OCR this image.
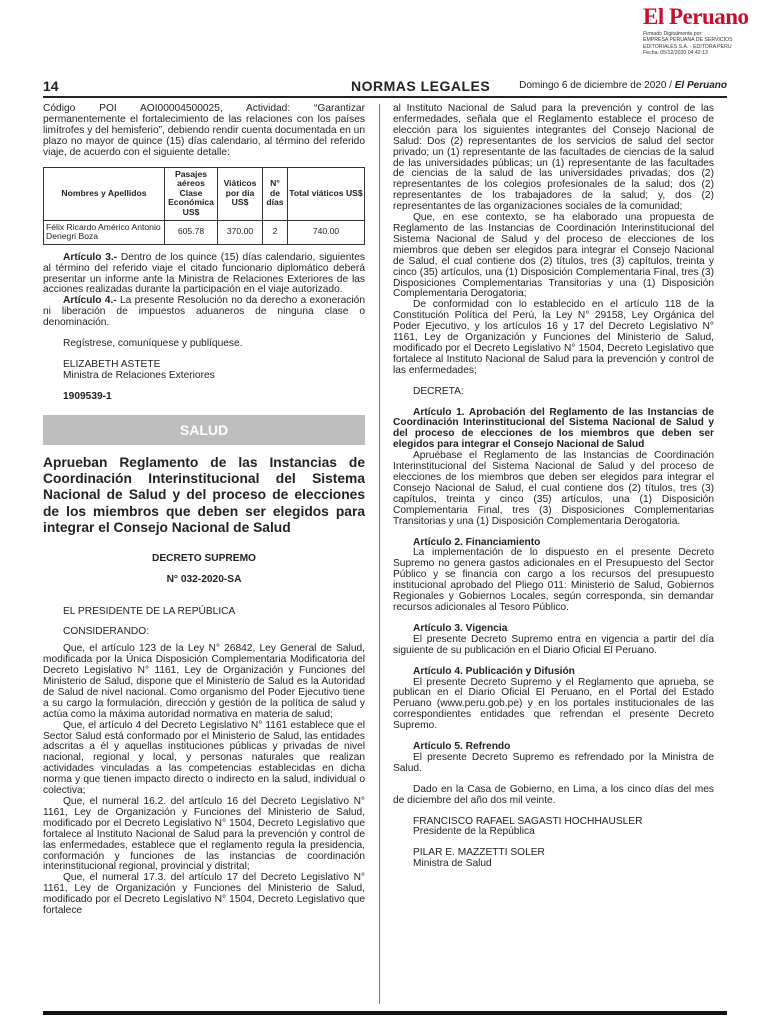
El Peruano
Firmado Digitalmente por:
EMPRESA PERUANA DE SERVICIOS
EDITORIALES S.A. - EDITORA PERU
Fecha: 05/12/2020 04:42:13
14	NORMAS LEGALES	Domingo 6 de diciembre de 2020 / El Peruano

Código POI AOI00004500025, Actividad: “Garantizar permanentemente el fortalecimiento de las relaciones con los países limítrofes y del hemisferio”, debiendo rendir cuenta documentada en un plazo no mayor de quince (15) días calendario, al término del referido viaje, de acuerdo con el siguiente detalle:

Nombres y Apellidos	Pasajes aéreos Clase Económica US$	Viáticos por día US$	N° de días	Total viáticos US$
Félix Ricardo Américo Antonio Denegri Boza	605.78	370.00	2	740.00

Artículo 3.- Dentro de los quince (15) días calendario, siguientes al término del referido viaje el citado funcionario diplomático deberá presentar un informe ante la Ministra de Relaciones Exteriores de las acciones realizadas durante la participación en el viaje autorizado.

Artículo 4.- La presente Resolución no da derecho a exoneración ni liberación de impuestos aduaneros de ninguna clase o denominación.

Regístrese, comuníquese y publíquese.

ELIZABETH ASTETE

Ministra de Relaciones Exteriores

1909539-1

SALUD

Aprueban Reglamento de las Instancias de Coordinación Interinstitucional del Sistema Nacional de Salud y del proceso de elecciones de los miembros que deben ser elegidos para integrar el Consejo Nacional de Salud

DECRETO SUPREMO

N° 032-2020-SA

EL PRESIDENTE DE LA REPÚBLICA

CONSIDERANDO:

Que, el artículo 123 de la Ley N° 26842, Ley General de Salud, modificada por la Única Disposición Complementaria Modificatoria del Decreto Legislativo N° 1161, Ley de Organización y Funciones del Ministerio de Salud, dispone que el Ministerio de Salud es la Autoridad de Salud de nivel nacional. Como organismo del Poder Ejecutivo tiene a su cargo la formulación, dirección y gestión de la política de salud y actúa como la máxima autoridad normativa en materia de salud;

Que, el artículo 4 del Decreto Legislativo N° 1161 establece que el Sector Salud está conformado por el Ministerio de Salud, las entidades adscritas a él y aquellas instituciones públicas y privadas de nivel nacional, regional y local, y personas naturales que realizan actividades vinculadas a las competencias establecidas en dicha norma y que tienen impacto directo o indirecto en la salud, individual o colectiva;

Que, el numeral 16.2. del artículo 16 del Decreto Legislativo N° 1161, Ley de Organización y Funciones del Ministerio de Salud, modificado por el Decreto Legislativo N° 1504, Decreto Legislativo que fortalece al Instituto Nacional de Salud para la prevención y control de las enfermedades, establece que el reglamento regula la presidencia, conformación y funciones de las instancias de coordinación interinstitucional regional, provincial y distrital;

Que, el numeral 17.3. del artículo 17 del Decreto Legislativo N° 1161, Ley de Organización y Funciones del Ministerio de Salud, modificado por el Decreto Legislativo N° 1504, Decreto Legislativo que fortalece

al Instituto Nacional de Salud para la prevención y control de las enfermedades, señala que el Reglamento establece el proceso de elección para los siguientes integrantes del Consejo Nacional de Salud: Dos (2) representantes de los servicios de salud del sector privado; un (1) representante de las facultades de ciencias de la salud de las universidades públicas; un (1) representante de las facultades de ciencias de la salud de las universidades privadas; dos (2) representantes de los colegios profesionales de la salud; dos (2) representantes de los trabajadores de la salud; y, dos (2) representantes de las organizaciones sociales de la comunidad;

Que, en ese contexto, se ha elaborado una propuesta de Reglamento de las Instancias de Coordinación Interinstitucional del Sistema Nacional de Salud y del proceso de elecciones de los miembros que deben ser elegidos para integrar el Consejo Nacional de Salud, el cual contiene dos (2) títulos, tres (3) capítulos, treinta y cinco (35) artículos, una (1) Disposición Complementaria Final, tres (3) Disposiciones Complementarias Transitorias y una (1) Disposición Complementaria Derogatoria;

De conformidad con lo establecido en el artículo 118 de la Constitución Política del Perú, la Ley N° 29158, Ley Orgánica del Poder Ejecutivo, y los artículos 16 y 17 del Decreto Legislativo N° 1161, Ley de Organización y Funciones del Ministerio de Salud, modificado por el Decreto Legislativo N° 1504, Decreto Legislativo que fortalece al Instituto Nacional de Salud para la prevención y control de las enfermedades;

DECRETA:

Artículo 1. Aprobación del Reglamento de las Instancias de Coordinación Interinstitucional del Sistema Nacional de Salud y del proceso de elecciones de los miembros que deben ser elegidos para integrar el Consejo Nacional de Salud

Apruébase el Reglamento de las Instancias de Coordinación Interinstitucional del Sistema Nacional de Salud y del proceso de elecciones de los miembros que deben ser elegidos para integrar el Consejo Nacional de Salud, el cual contiene dos (2) títulos, tres (3) capítulos, treinta y cinco (35) artículos, una (1) Disposición Complementaria Final, tres (3) Disposiciones Complementarias Transitorias y una (1) Disposición Complementaria Derogatoria.

Artículo 2. Financiamiento

La implementación de lo dispuesto en el presente Decreto Supremo no genera gastos adicionales en el Presupuesto del Sector Público y se financia con cargo a los recursos del presupuesto institucional aprobado del Pliego 011: Ministerio de Salud, Gobiernos Regionales y Gobiernos Locales, según corresponda, sin demandar recursos adicionales al Tesoro Público.

Artículo 3. Vigencia

El presente Decreto Supremo entra en vigencia a partir del día siguiente de su publicación en el Diario Oficial El Peruano.

Artículo 4. Publicación y Difusión

El presente Decreto Supremo y el Reglamento que aprueba, se publican en el Diario Oficial El Peruano, en el Portal del Estado Peruano (www.peru.gob.pe) y en los portales institucionales de las correspondientes entidades que refrendan el presente Decreto Supremo.

Artículo 5. Refrendo

El presente Decreto Supremo es refrendado por la Ministra de Salud.

Dado en la Casa de Gobierno, en Lima, a los cinco días del mes de diciembre del año dos mil veinte.

FRANCISCO RAFAEL SAGASTI HOCHHAUSLER

Presidente de la República

PILAR E. MAZZETTI SOLER

Ministra de Salud
